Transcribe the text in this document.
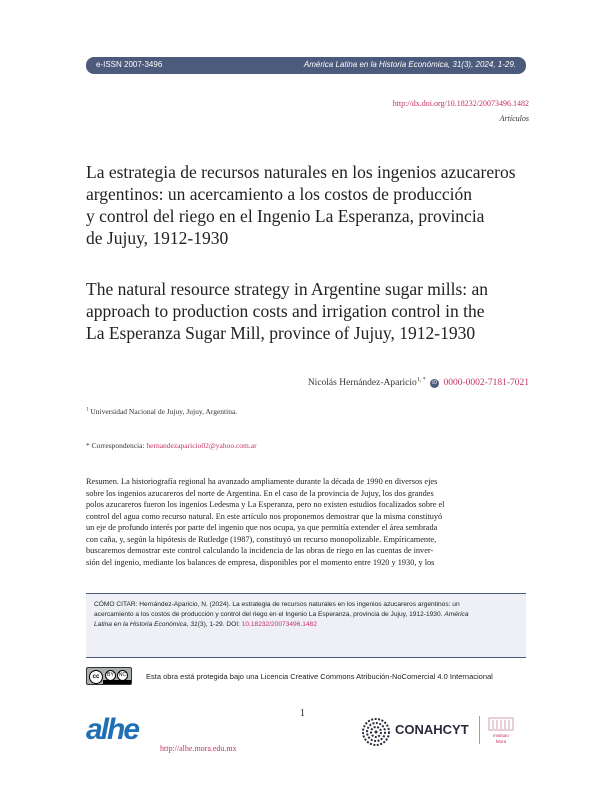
e-ISSN 2007-3496	América Latina en la Historia Económica, 31(3), 2024, 1-29.
http://dx.doi.org/10.18232/20073496.1482
Artículos
La estrategia de recursos naturales en los ingenios azucareros
argentinos: un acercamiento a los costos de producción
y control del riego en el Ingenio La Esperanza, provincia
de Jujuy, 1912-1930
The natural resource strategy in Argentine sugar mills: an
approach to production costs and irrigation control in the
La Esperanza Sugar Mill, province of Jujuy, 1912-1930
Nicolás Hernández-Aparicio$^{1, *}$ iD 0000-0002-7181-7021
$^1$ Universidad Nacional de Jujuy, Jujuy, Argentina.
* Correspondencia: hernandezaparicio02@yahoo.com.ar
Resumen. La historiografía regional ha avanzado ampliamente durante la década de 1990 en diversos ejes
sobre los ingenios azucareros del norte de Argentina. En el caso de la provincia de Jujuy, los dos grandes
polos azucareros fueron los ingenios Ledesma y La Esperanza, pero no existen estudios focalizados sobre el
control del agua como recurso natural. En este artículo nos proponemos demostrar que la misma constituyó
un eje de profundo interés por parte del ingenio que nos ocupa, ya que permitía extender el área sembrada
con caña, y, según la hipótesis de Rutledge (1987), constituyó un recurso monopolizable. Empíricamente,
buscaremos demostrar este control calculando la incidencia de las obras de riego en las cuentas de inver-
sión del ingenio, mediante los balances de empresa, disponibles por el momento entre 1920 y 1930, y los
CÓMO CITAR: Hernández-Aparicio, N. (2024). La estrategia de recursos naturales en los ingenios azucareros argentinos: un
acercamiento a los costos de producción y control del riego en el Ingenio La Esperanza, provincia de Jujuy, 1912-1930. América
Latina en la Historia Económica, 31(3), 1-29. DOI: 10.18232/20073496.1482
cc	BY	NC	Esta obra está protegida bajo una Licencia Creative Commons Atribución-NoComercial 4.0 Internacional
1
alhe
http://alhe.mora.edu.mx
CONAHCYT	Instituto
Mora
